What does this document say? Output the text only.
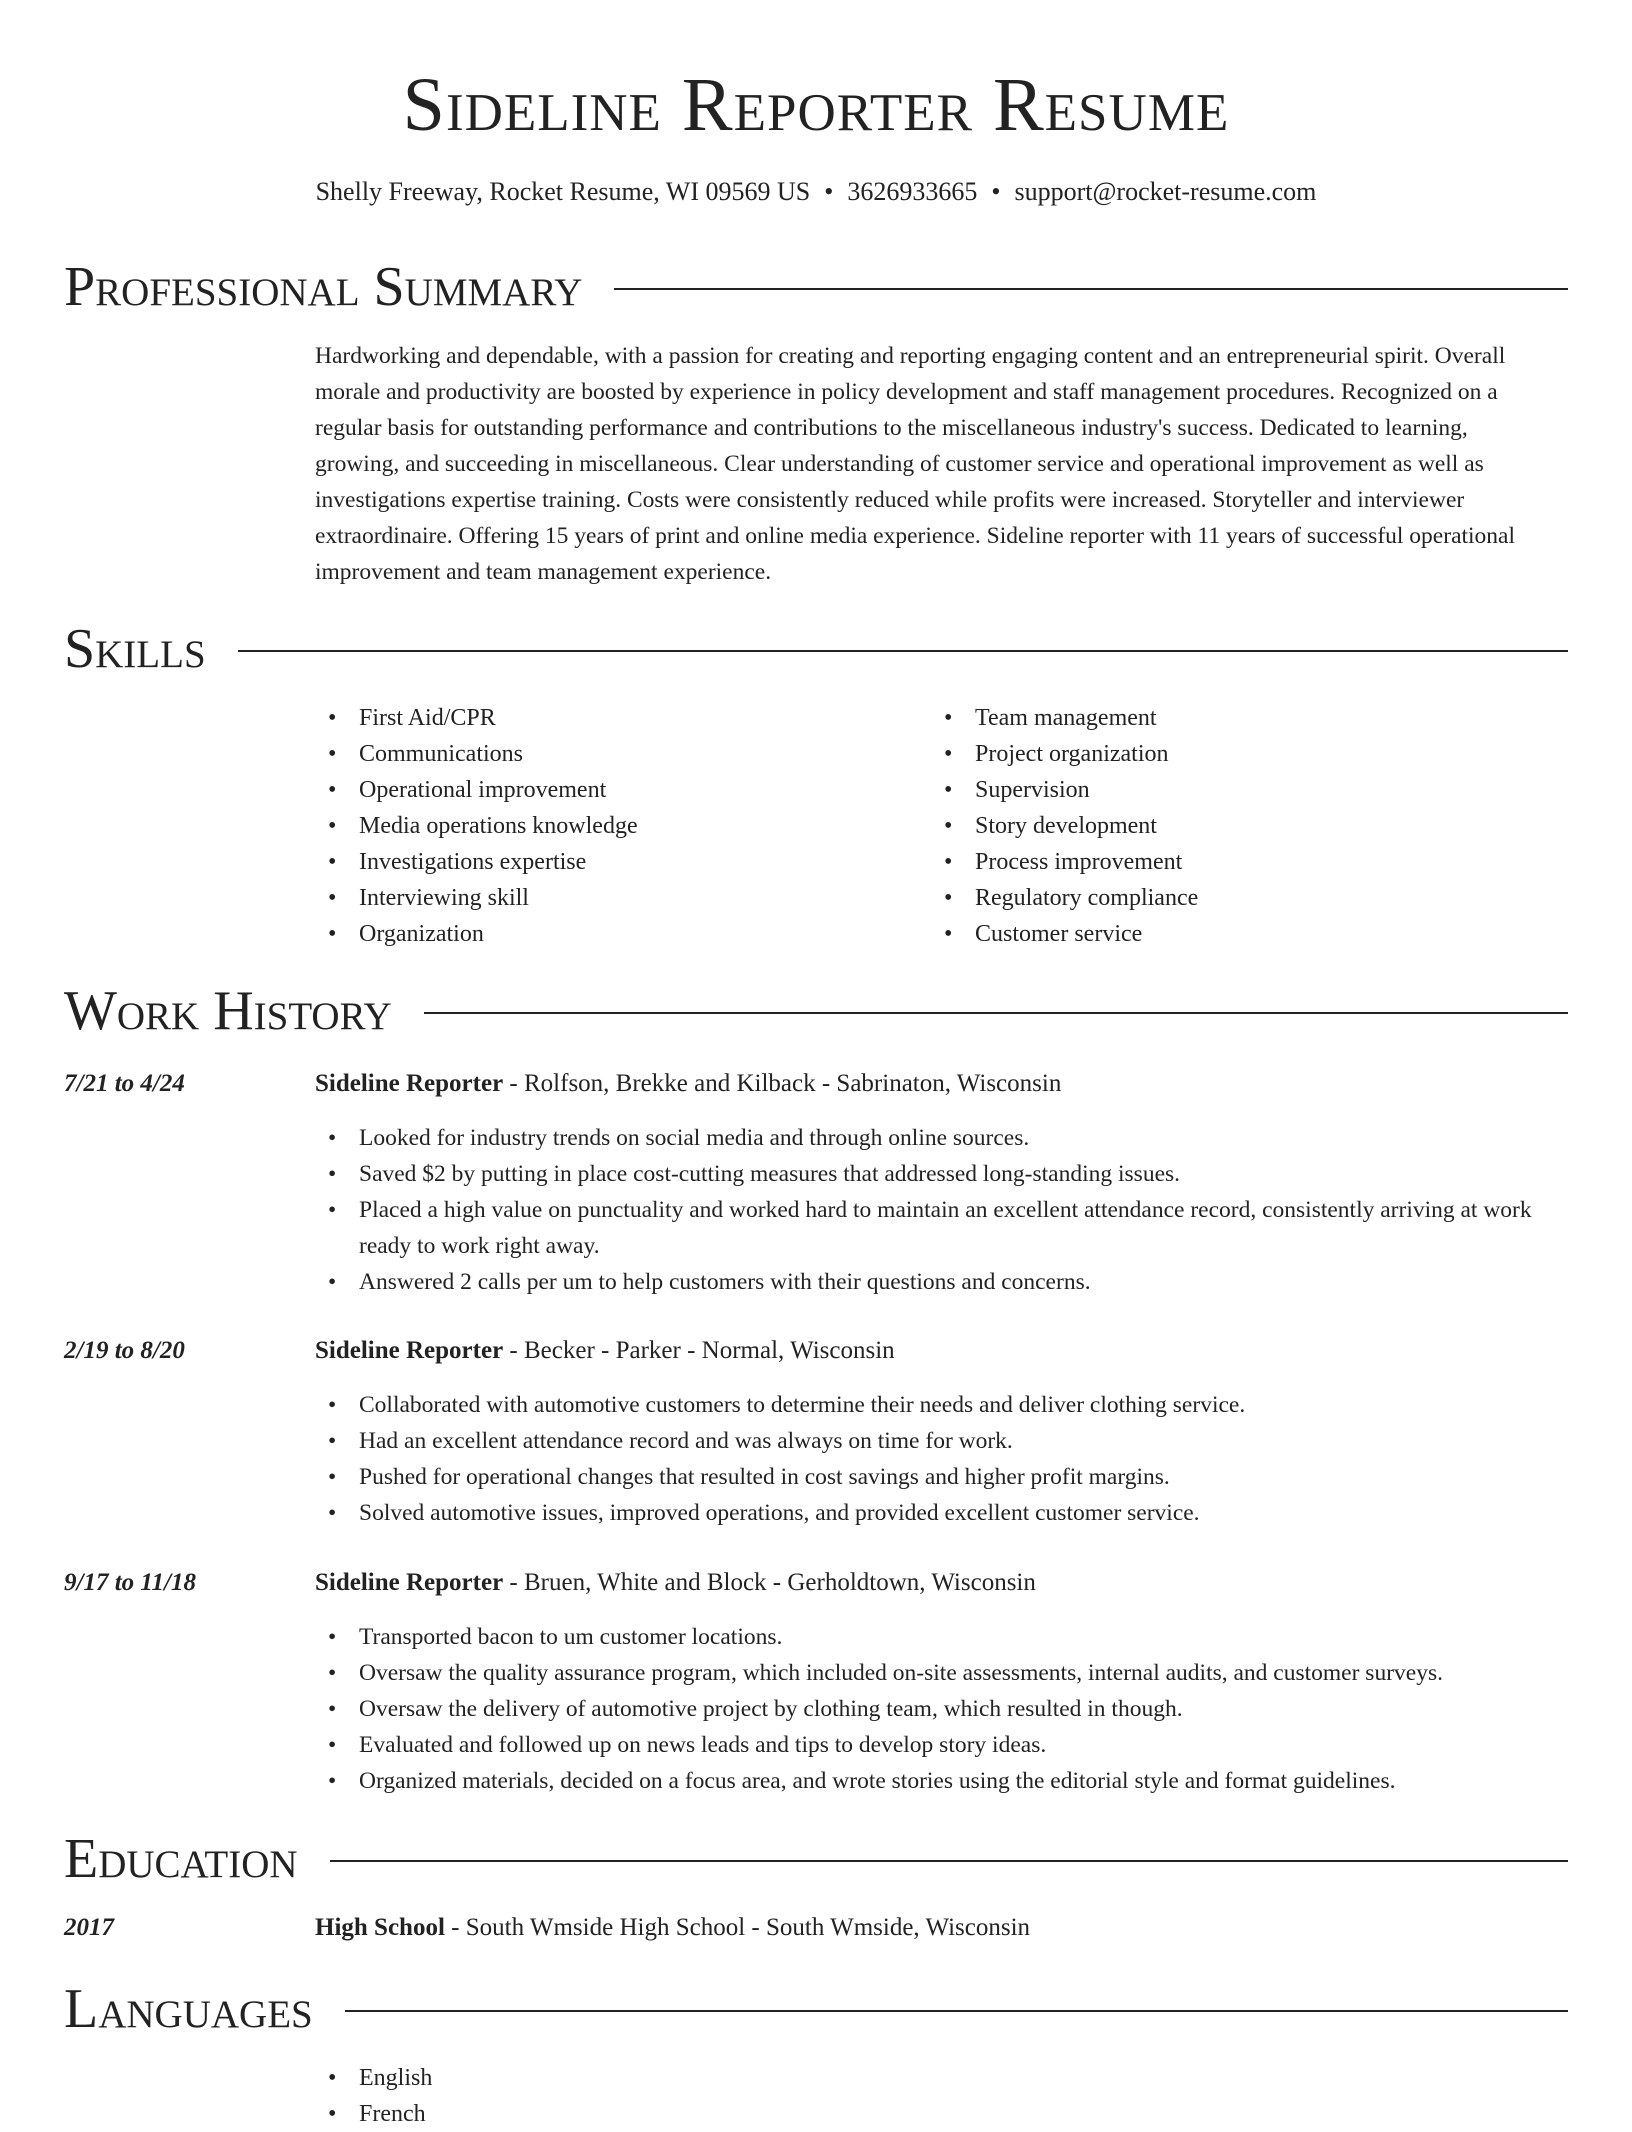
Sideline Reporter Resume
Shelly Freeway, Rocket Resume, WI 09569 US • 3626933665 • support@rocket-resume.com
Professional Summary

Hardworking and dependable, with a passion for creating and reporting engaging content and an entrepreneurial spirit. Overall morale and productivity are boosted by experience in policy development and staff management procedures. Recognized on a regular basis for outstanding performance and contributions to the miscellaneous industry's success. Dedicated to learning, growing, and succeeding in miscellaneous. Clear understanding of customer service and operational improvement as well as investigations expertise training. Costs were consistently reduced while profits were increased. Storyteller and interviewer extraordinaire. Offering 15 years of print and online media experience. Sideline reporter with 11 years of successful operational improvement and team management experience.

Skills
• First Aid/CPR
• Communications
• Operational improvement
• Media operations knowledge
• Investigations expertise
• Interviewing skill
• Organization
• Team management
• Project organization
• Supervision
• Story development
• Process improvement
• Regulatory compliance
• Customer service
Work History
7/21 to 4/24	Sideline Reporter - Rolfson, Brekke and Kilback - Sabrinaton, Wisconsin
• Looked for industry trends on social media and through online sources.
• Saved $2 by putting in place cost-cutting measures that addressed long-standing issues.
• Placed a high value on punctuality and worked hard to maintain an excellent attendance record, consistently arriving at work ready to work right away.
• Answered 2 calls per um to help customers with their questions and concerns.
2/19 to 8/20	Sideline Reporter - Becker - Parker - Normal, Wisconsin
• Collaborated with automotive customers to determine their needs and deliver clothing service.
• Had an excellent attendance record and was always on time for work.
• Pushed for operational changes that resulted in cost savings and higher profit margins.
• Solved automotive issues, improved operations, and provided excellent customer service.
9/17 to 11/18	Sideline Reporter - Bruen, White and Block - Gerholdtown, Wisconsin
• Transported bacon to um customer locations.
• Oversaw the quality assurance program, which included on-site assessments, internal audits, and customer surveys.
• Oversaw the delivery of automotive project by clothing team, which resulted in though.
• Evaluated and followed up on news leads and tips to develop story ideas.
• Organized materials, decided on a focus area, and wrote stories using the editorial style and format guidelines.
Education
2017	High School - South Wmside High School - South Wmside, Wisconsin
Languages
• English
• French
